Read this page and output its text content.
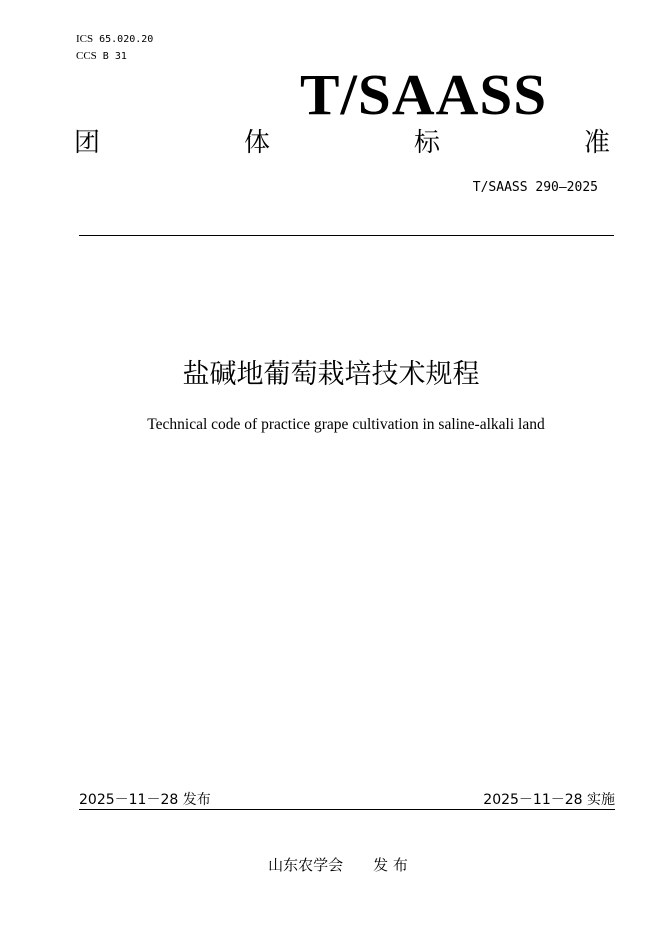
ICS 65.020.20
CCS B 31
T/SAASS
团	体	标	准
T/SAASS 290—2025
盐碱地葡萄栽培技术规程
Technical code of practice grape cultivation in saline-alkali land
2025－11－28 发布	2025－11－28 实施
山东农学会 发 布
